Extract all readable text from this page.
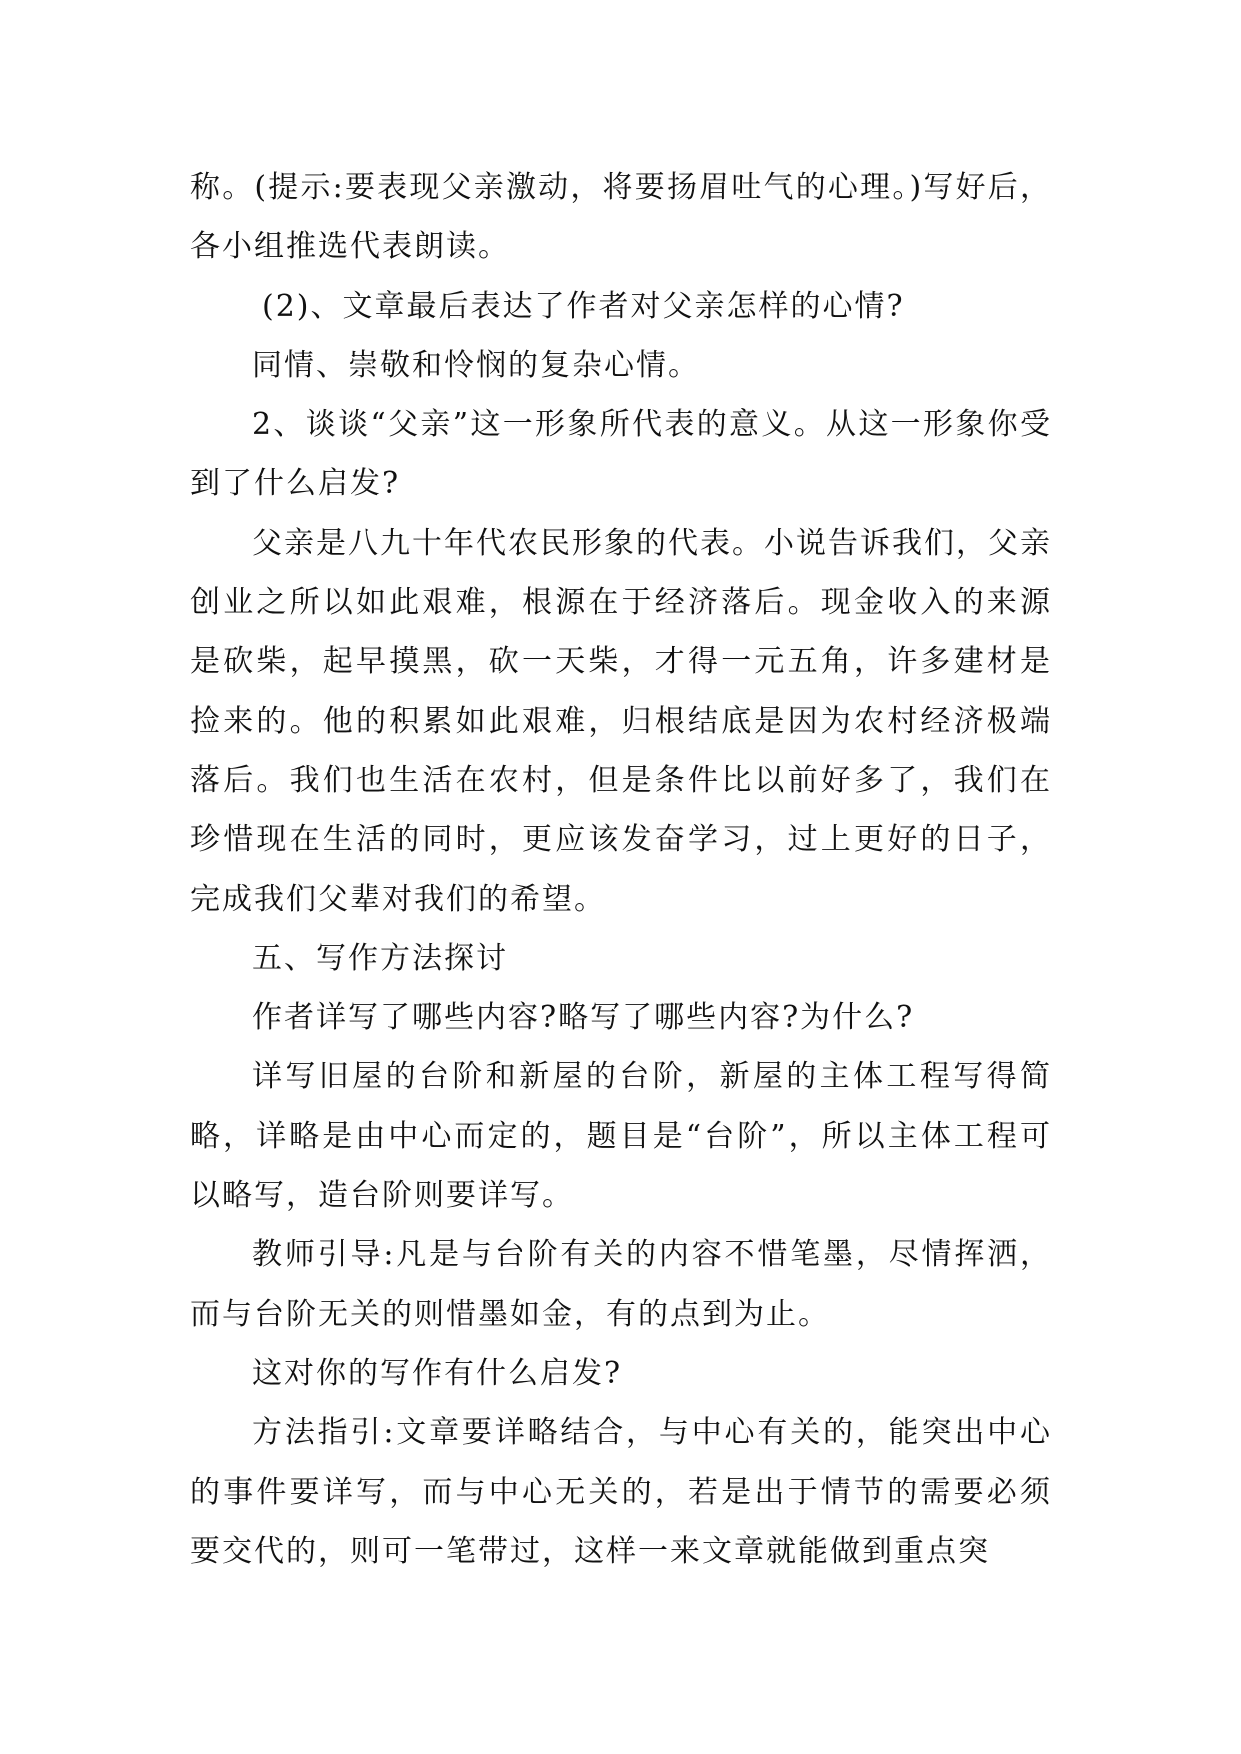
称。(提示:要表现父亲激动，将要扬眉吐气的心理。)写好后，各小组推选代表朗读。

(2)、文章最后表达了作者对父亲怎样的心情?

同情、崇敬和怜悯的复杂心情。

2、谈谈“父亲”这一形象所代表的意义。从这一形象你受到了什么启发?

父亲是八九十年代农民形象的代表。小说告诉我们，父亲创业之所以如此艰难，根源在于经济落后。现金收入的来源是砍柴，起早摸黑，砍一天柴，才得一元五角，许多建材是捡来的。他的积累如此艰难，归根结底是因为农村经济极端落后。我们也生活在农村，但是条件比以前好多了，我们在珍惜现在生活的同时，更应该发奋学习，过上更好的日子，完成我们父辈对我们的希望。

五、写作方法探讨

作者详写了哪些内容?略写了哪些内容?为什么?

详写旧屋的台阶和新屋的台阶，新屋的主体工程写得简略，详略是由中心而定的，题目是“台阶”，所以主体工程可以略写，造台阶则要详写。

教师引导:凡是与台阶有关的内容不惜笔墨，尽情挥洒，而与台阶无关的则惜墨如金，有的点到为止。

这对你的写作有什么启发?

方法指引:文章要详略结合，与中心有关的，能突出中心的事件要详写，而与中心无关的，若是出于情节的需要必须要交代的，则可一笔带过，这样一来文章就能做到重点突
